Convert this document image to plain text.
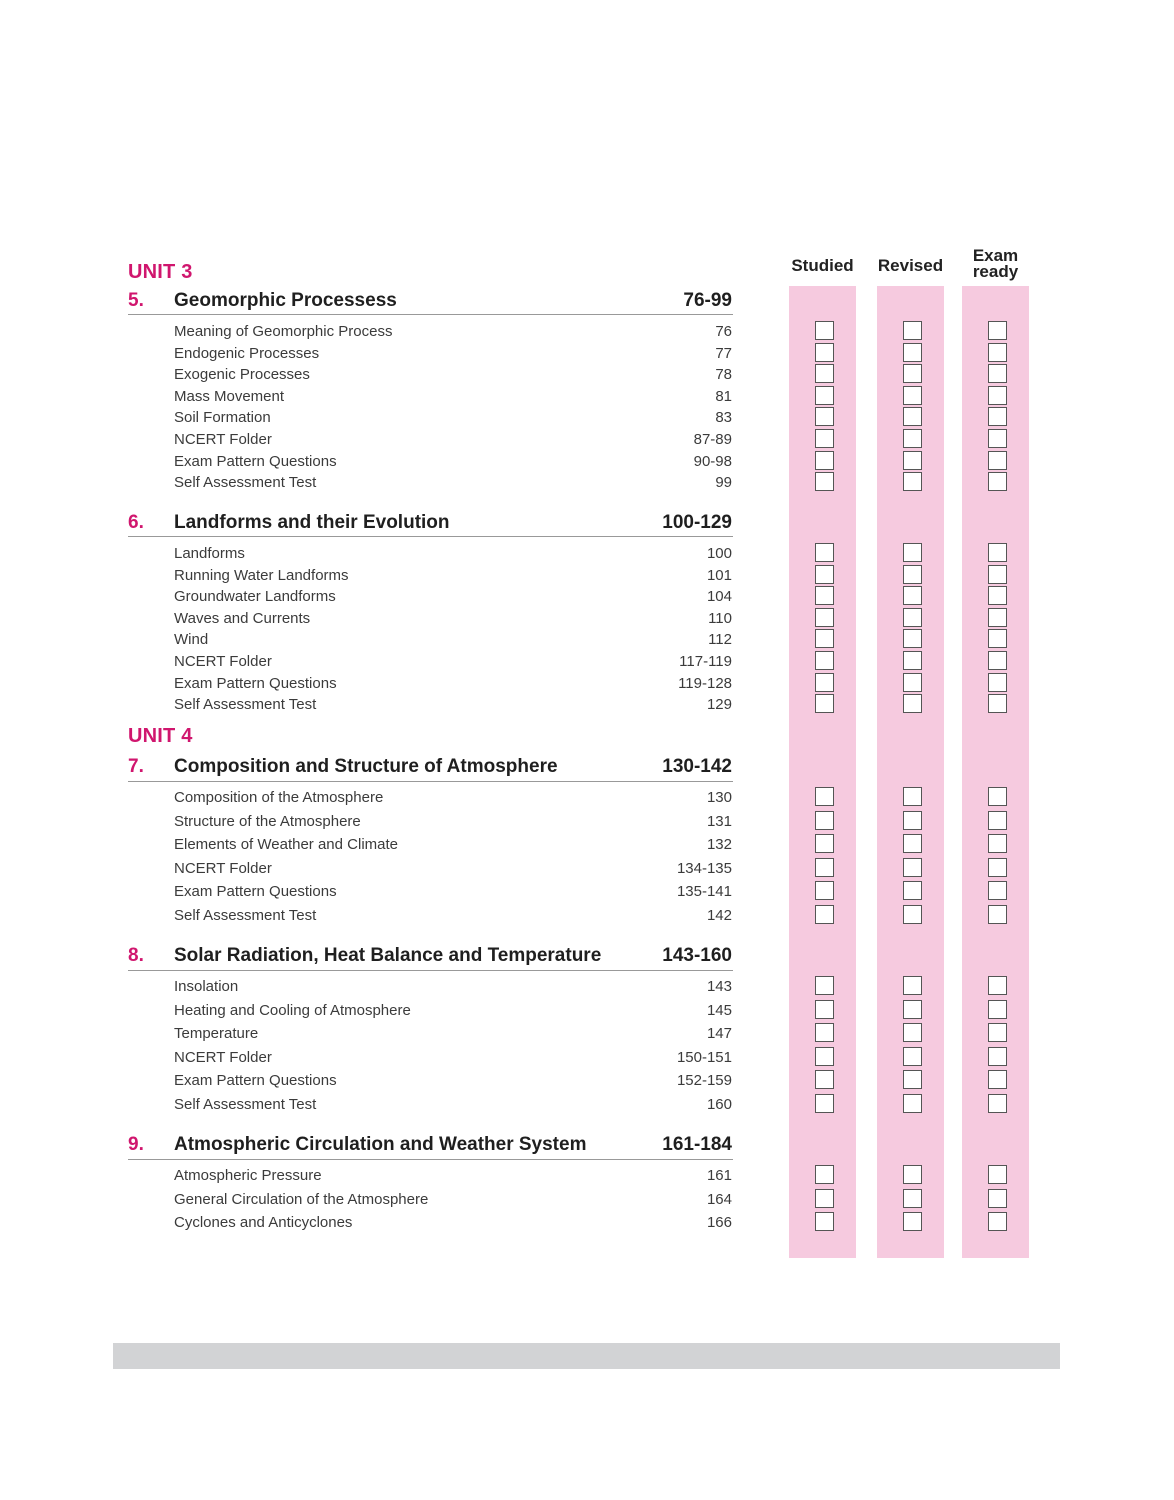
Studied Revised
Exam
ready
UNIT 3
UNIT 4
5. Geomorphic Processess	76-99
Meaning of Geomorphic Process	76
Endogenic Processes	77
Exogenic Processes	78
Mass Movement	81
Soil Formation	83
NCERT Folder	87-89
Exam Pattern Questions	90-98
Self Assessment Test	99
6. Landforms and their Evolution	100-129
Landforms	100
Running Water Landforms	101
Groundwater Landforms	104
Waves and Currents	110
Wind	112
NCERT Folder	117-119
Exam Pattern Questions	119-128
Self Assessment Test	129
7. Composition and Structure of Atmosphere	130-142
Composition of the Atmosphere	130
Structure of the Atmosphere	131
Elements of Weather and Climate	132
NCERT Folder	134-135
Exam Pattern Questions	135-141
Self Assessment Test	142
8. Solar Radiation, Heat Balance and Temperature	143-160
Insolation	143
Heating and Cooling of Atmosphere	145
Temperature	147
NCERT Folder	150-151
Exam Pattern Questions	152-159
Self Assessment Test	160
9. Atmospheric Circulation and Weather System	161-184
Atmospheric Pressure	161
General Circulation of the Atmosphere	164
Cyclones and Anticyclones	166
